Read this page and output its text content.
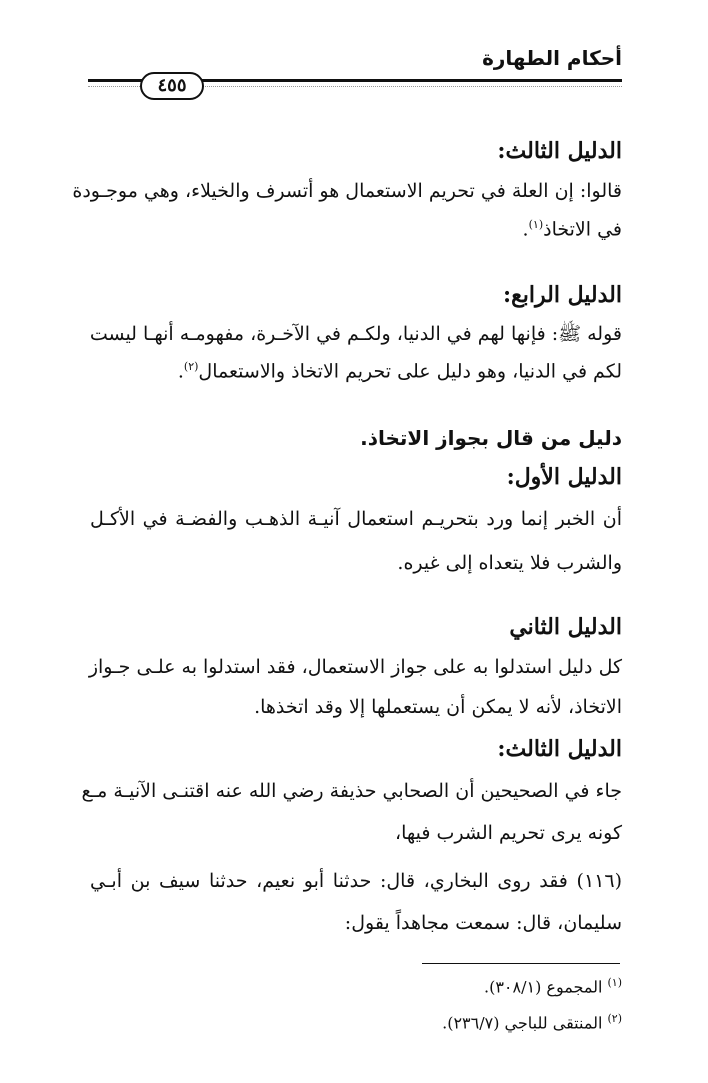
أحكام الطهارة
٤٥٥
الدليل الثالث:
قالوا: إن العلة في تحريم الاستعمال هو أتسرف والخيلاء، وهي موجـودة
في الاتخاذ$^{(١)}$.
الدليل الرابع:
قوله ﷺ: فإنها لهم في الدنيا، ولكـم في الآخـرة، مفهومـه أنهـا ليست
لكم في الدنيا، وهو دليل على تحريم الاتخاذ والاستعمال$^{(٢)}$.
دليل من قال بجواز الاتخاذ.
الدليل الأول:
أن الخبر إنما ورد بتحريـم استعمال آنيـة الذهـب والفضـة في الأكـل
والشرب فلا يتعداه إلى غيره.
الدليل الثاني
كل دليل استدلوا به على جواز الاستعمال، فقد استدلوا به علـى جـواز
الاتخاذ، لأنه لا يمكن أن يستعملها إلا وقد اتخذها.
الدليل الثالث:
جاء في الصحيحين أن الصحابي حذيفة رضي الله عنه اقتنـى الآنيـة مـع
كونه يرى تحريم الشرب فيها،
(١١٦) فقد روى البخاري، قال: حدثنا أبو نعيم، حدثنا سيف بن أبـي
سليمان، قال: سمعت مجاهداً يقول:
$^{(١)}$ المجموع (٣٠٨/١).
$^{(٢)}$ المنتقى للباجي (٢٣٦/٧).
